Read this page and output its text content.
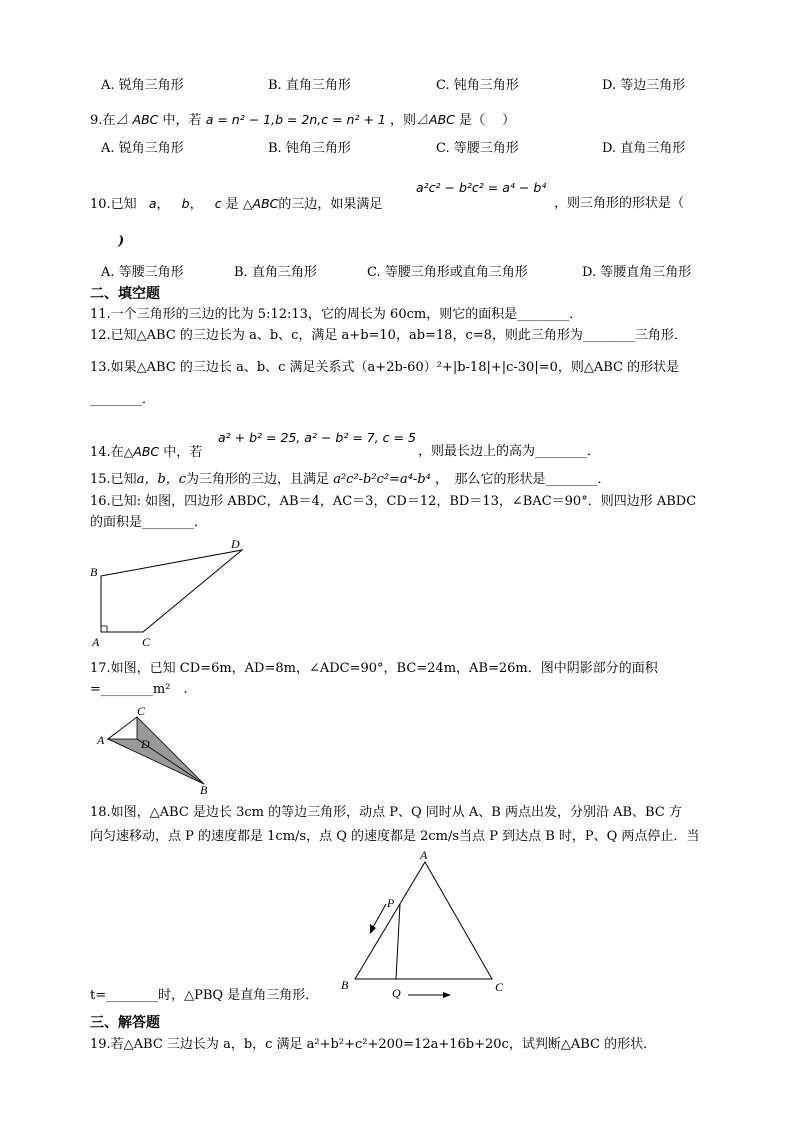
A. 锐角三角形	B. 直角三角形	C. 钝角三角形	D. 等边三角形
9.在⊿ ABC 中，若 a = n² − 1,b = 2n,c = n² + 1 ，则⊿ABC 是（　 ）
A. 锐角三角形	B. 钝角三角形	C. 等腰三角形	D. 直角三角形
10.已知 a， b， c 是 △ABC的三边，如果满足
a²c² − b²c² = a⁴ − b⁴
，则三角形的形状是（
)
A. 等腰三角形	B. 直角三角形	C. 等腰三角形或直角三角形	D. 等腰直角三角形
二、填空题
11.一个三角形的三边的比为 5:12:13，它的周长为 60cm，则它的面积是________．
12.已知△ABC 的三边长为 a、b、c，满足 a+b=10，ab=18，c=8，则此三角形为________三角形．
13.如果△ABC 的三边长 a、b、c 满足关系式（a+2b-60）²+|b-18|+|c-30|=0，则△ABC 的形状是
________．
a² + b² = 25, a² − b² = 7, c = 5
14.在△ABC 中，若	，则最长边上的高为________．
15.已知a，b，c为三角形的三边，且满足 a²c²-b²c²=a⁴-b⁴ ，　那么它的形状是________．
16.已知: 如图，四边形 ABDC，AB＝4，AC＝3，CD＝12，BD＝13，∠BAC＝90°．则四边形 ABDC
的面积是________．
B
D
A	C
17.如图，已知 CD=6m，AD=8m，∠ADC=90°，BC=24m，AB=26m．图中阴影部分的面积
=________m²　.
C
A	D
B
18.如图，△ABC 是边长 3cm 的等边三角形，动点 P、Q 同时从 A、B 两点出发，分别沿 AB、BC 方
向匀速移动，点 P 的速度都是 1cm/s，点 Q 的速度都是 2cm/s当点 P 到达点 B 时，P、Q 两点停止．当
A
P
B
Q	C
t=________时，△PBQ 是直角三角形．
三、解答题
19.若△ABC 三边长为 a，b，c 满足 a²+b²+c²+200=12a+16b+20c，试判断△ABC 的形状．
